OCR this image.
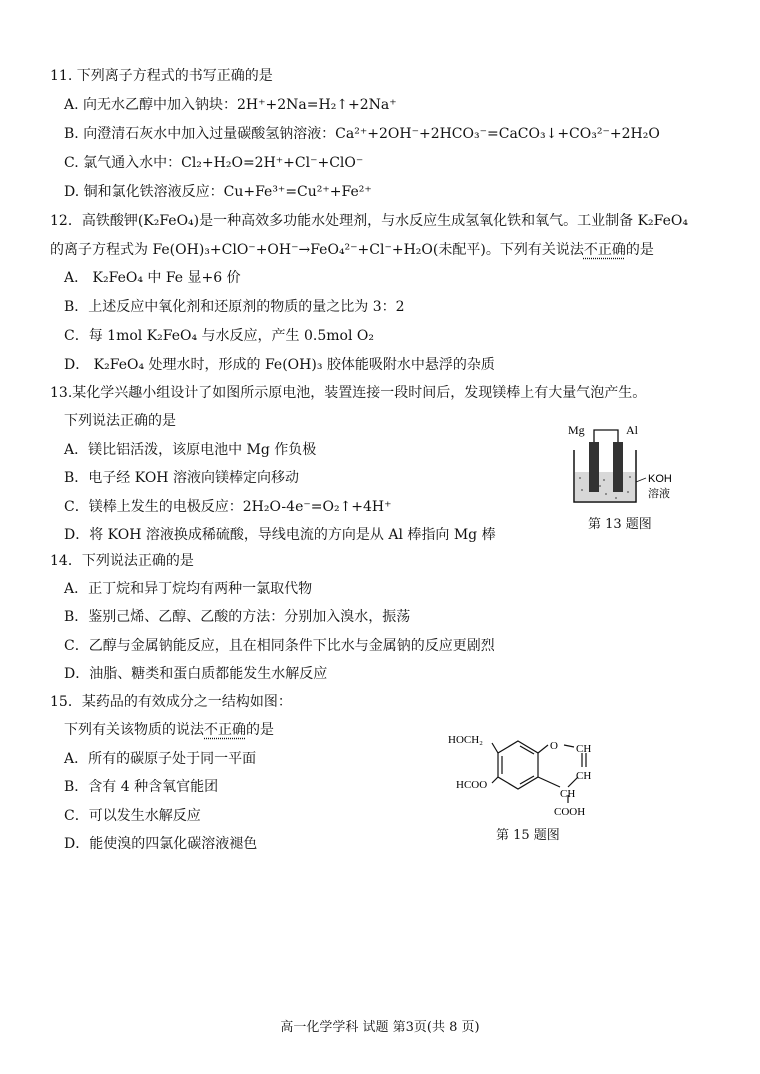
11. 下列离子方程式的书写正确的是
A. 向无水乙醇中加入钠块：2H⁺+2Na=H₂↑+2Na⁺
B. 向澄清石灰水中加入过量碳酸氢钠溶液：Ca²⁺+2OH⁻+2HCO₃⁻=CaCO₃↓+CO₃²⁻+2H₂O
C. 氯气通入水中：Cl₂+H₂O=2H⁺+Cl⁻+ClO⁻
D. 铜和氯化铁溶液反应：Cu+Fe³⁺=Cu²⁺+Fe²⁺
12．高铁酸钾(K₂FeO₄)是一种高效多功能水处理剂，与水反应生成氢氧化铁和氧气。工业制备 K₂FeO₄
的离子方程式为 Fe(OH)₃+ClO⁻+OH⁻→FeO₄²⁻+Cl⁻+H₂O(未配平)。下列有关说法不正确的是
A． K₂FeO₄ 中 Fe 显+6 价
B．上述反应中氧化剂和还原剂的物质的量之比为 3：2
C．每 1mol K₂FeO₄ 与水反应，产生 0.5mol O₂
D． K₂FeO₄ 处理水时，形成的 Fe(OH)₃ 胶体能吸附水中悬浮的杂质
13.某化学兴趣小组设计了如图所示原电池，装置连接一段时间后，发现镁棒上有大量气泡产生。
下列说法正确的是
A．镁比铝活泼，该原电池中 Mg 作负极
B．电子经 KOH 溶液向镁棒定向移动
C．镁棒上发生的电极反应：2H₂O-4e⁻=O₂↑+4H⁺
D．将 KOH 溶液换成稀硫酸，导线电流的方向是从 Al 棒指向 Mg 棒
Mg	Al
KOH
溶液
第 13 题图
14．下列说法正确的是
A．正丁烷和异丁烷均有两种一氯取代物
B．鉴别己烯、乙醇、乙酸的方法：分别加入溴水，振荡
C．乙醇与金属钠能反应，且在相同条件下比水与金属钠的反应更剧烈
D．油脂、糖类和蛋白质都能发生水解反应
15．某药品的有效成分之一结构如图：
下列有关该物质的说法不正确的是
A．所有的碳原子处于同一平面
B．含有 4 种含氧官能团
C．可以发生水解反应
D．能使溴的四氯化碳溶液褪色
HOCH₂	O CH
CH
HCOO
CH
COOH
第 15 题图
高一化学学科 试题 第3页(共 8 页)
